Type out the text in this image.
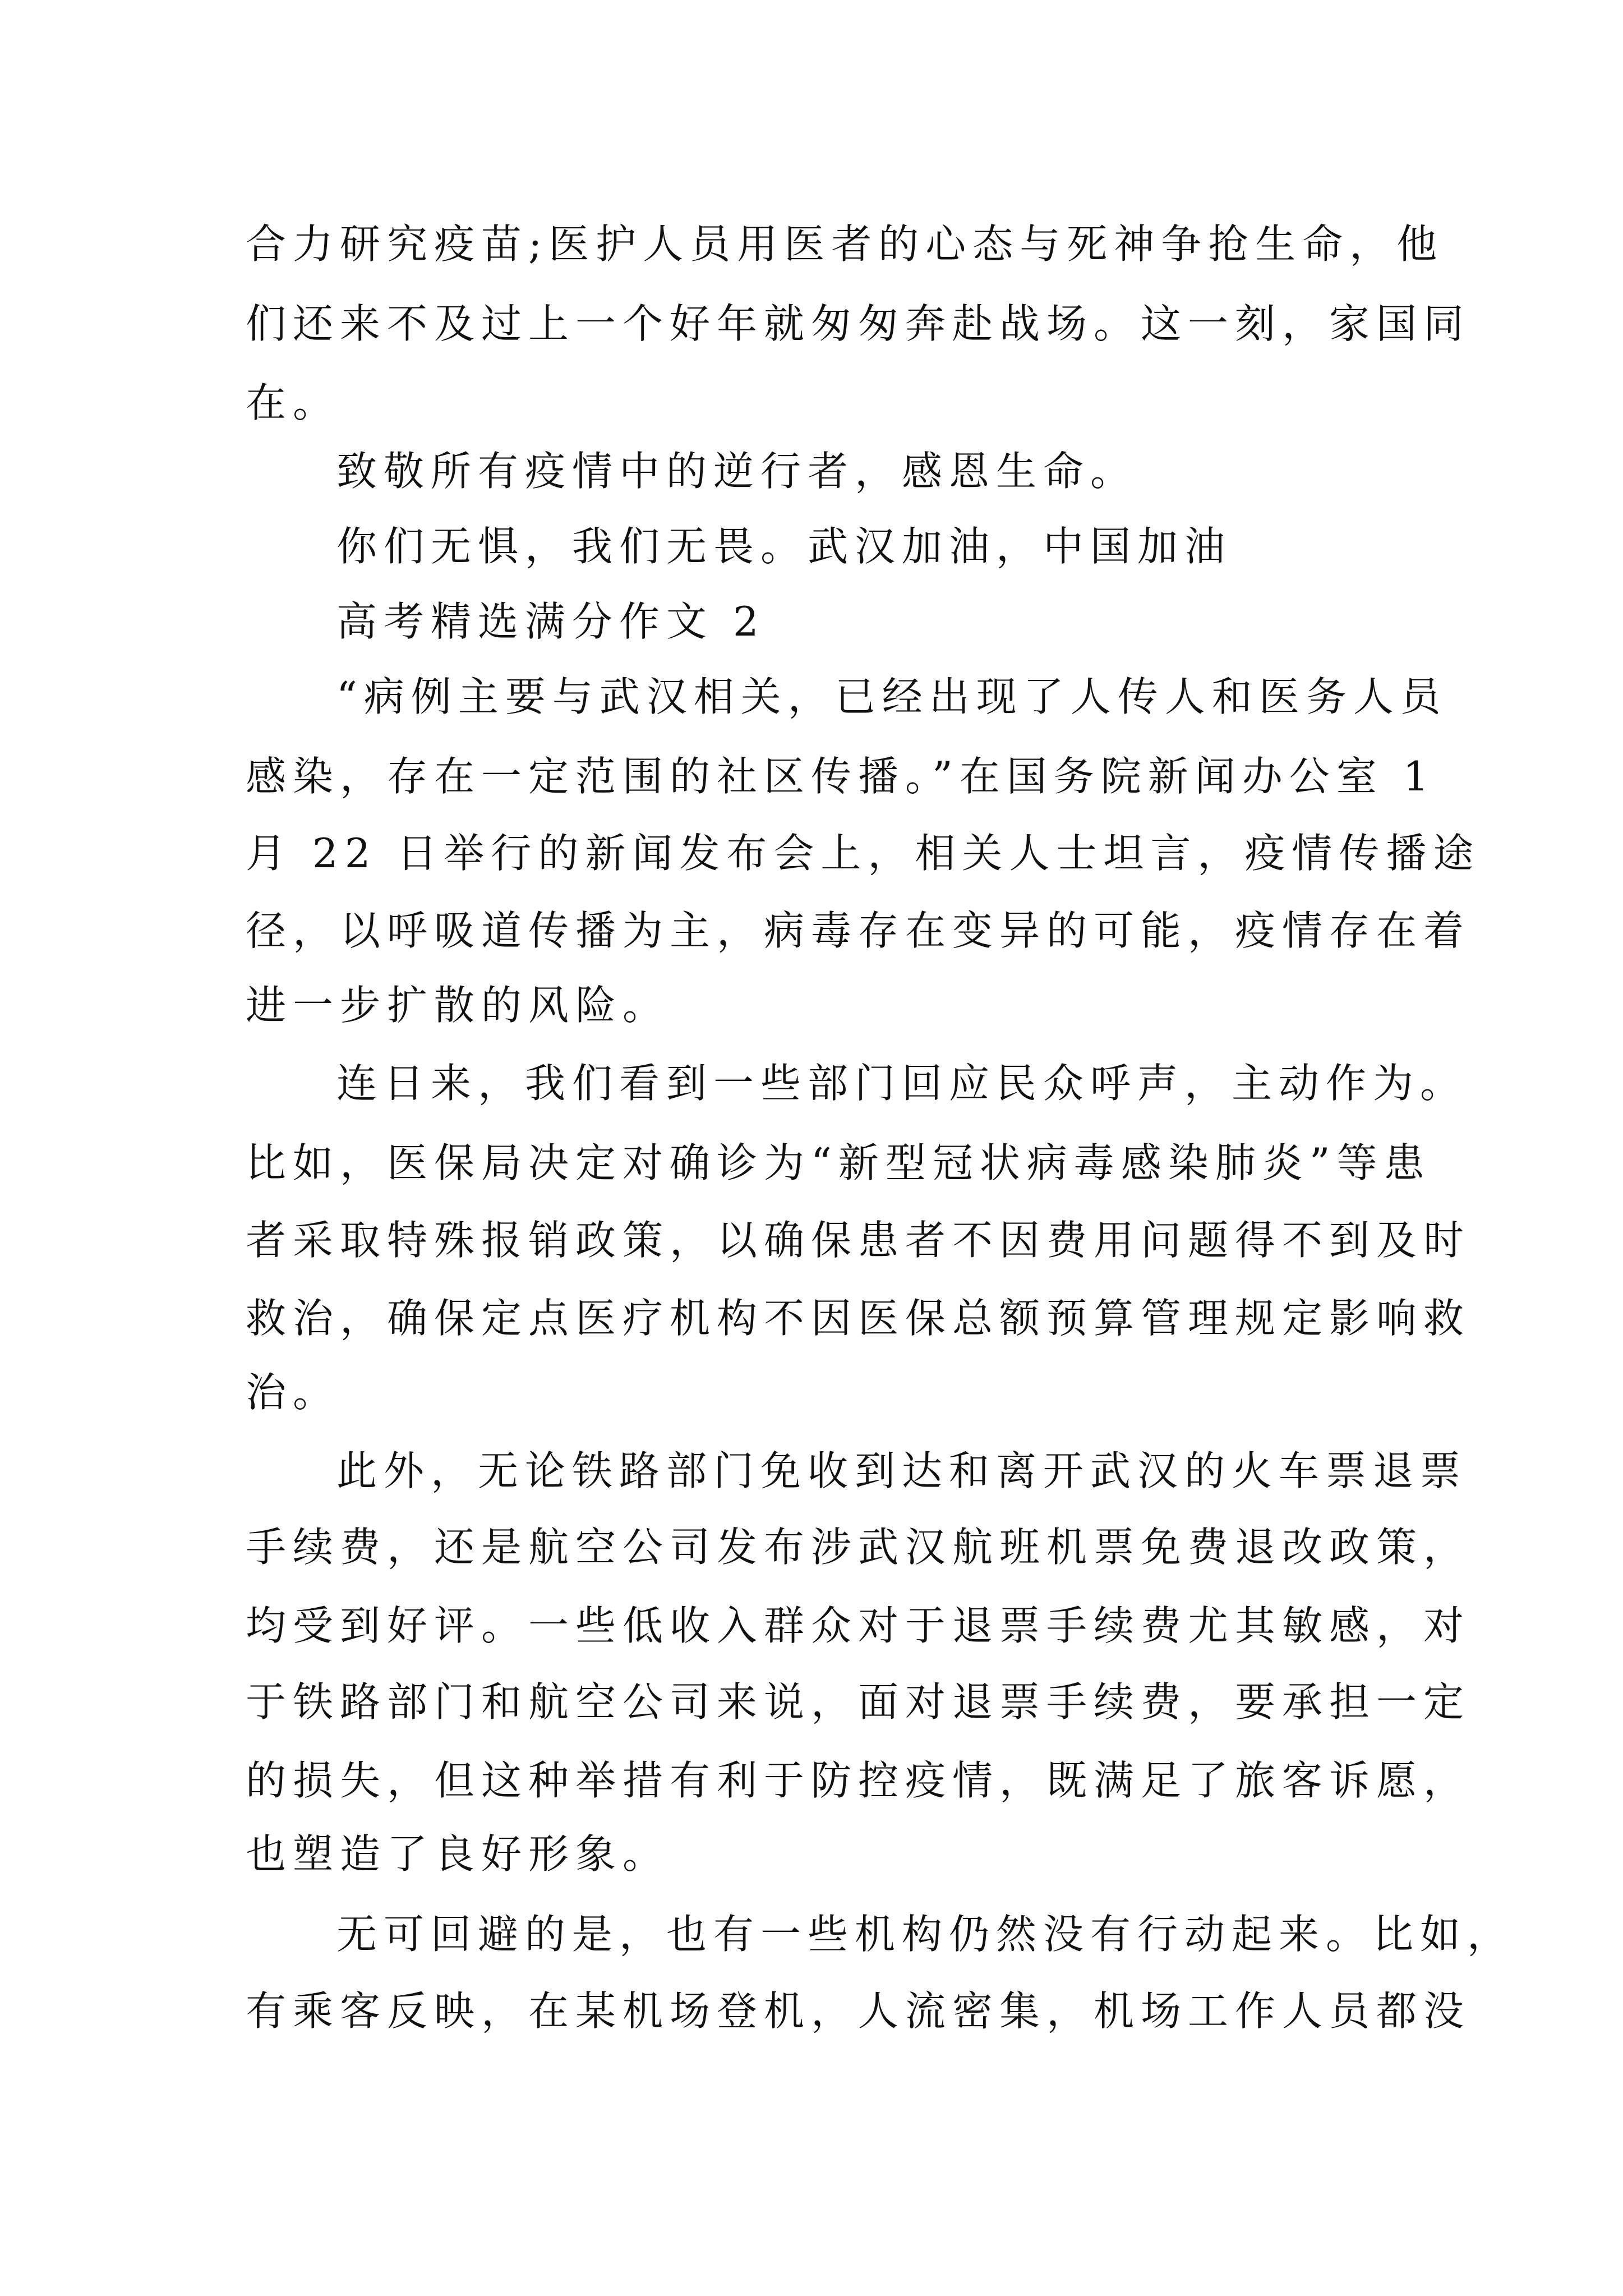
合力研究疫苗;医护人员用医者的心态与死神争抢生命，他
们还来不及过上一个好年就匆匆奔赴战场。这一刻，家国同
在。
致敬所有疫情中的逆行者，感恩生命。
你们无惧，我们无畏。武汉加油，中国加油
高考精选满分作文 2
“病例主要与武汉相关，已经出现了人传人和医务人员
感染，存在一定范围的社区传播。”在国务院新闻办公室 1
月 22 日举行的新闻发布会上，相关人士坦言，疫情传播途
径，以呼吸道传播为主，病毒存在变异的可能，疫情存在着
进一步扩散的风险。
连日来，我们看到一些部门回应民众呼声，主动作为。
比如，医保局决定对确诊为“新型冠状病毒感染肺炎”等患
者采取特殊报销政策，以确保患者不因费用问题得不到及时
救治，确保定点医疗机构不因医保总额预算管理规定影响救
治。
此外，无论铁路部门免收到达和离开武汉的火车票退票
手续费，还是航空公司发布涉武汉航班机票免费退改政策，
均受到好评。一些低收入群众对于退票手续费尤其敏感，对
于铁路部门和航空公司来说，面对退票手续费，要承担一定
的损失，但这种举措有利于防控疫情，既满足了旅客诉愿，
也塑造了良好形象。
无可回避的是，也有一些机构仍然没有行动起来。比如，
有乘客反映，在某机场登机，人流密集，机场工作人员都没
